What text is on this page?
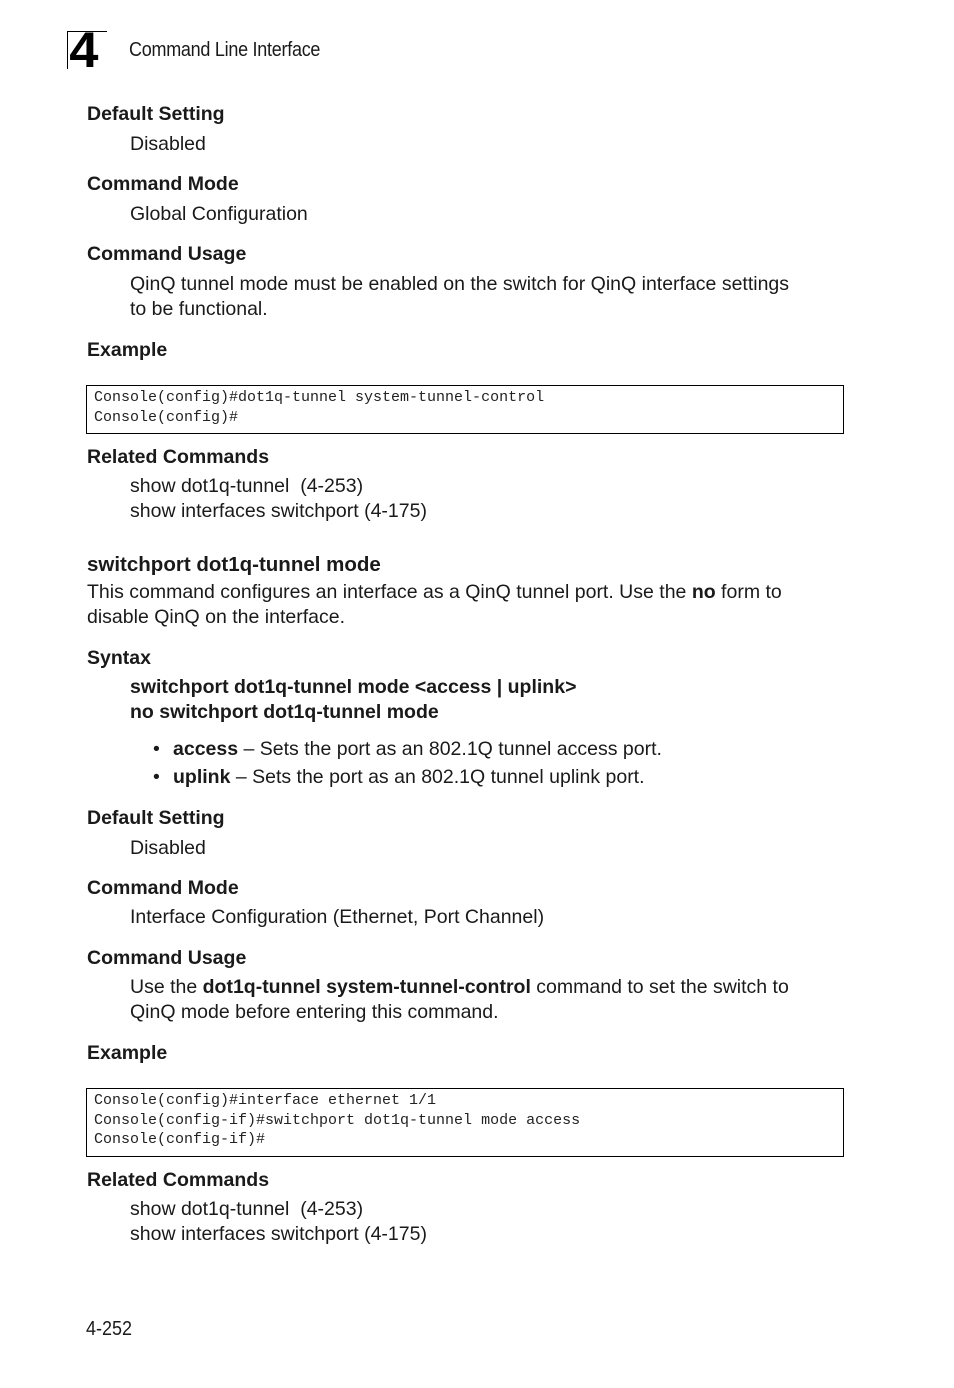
4 Command Line Interface
Default Setting
Disabled
Command Mode
Global Configuration
Command Usage
QinQ tunnel mode must be enabled on the switch for QinQ interface settings
to be functional.
Example
Console(config)#dot1q-tunnel system-tunnel-control
Console(config)#
Related Commands
show dot1q-tunnel  (4-253)
show interfaces switchport (4-175)
switchport dot1q-tunnel mode
This command configures an interface as a QinQ tunnel port. Use the no form to
disable QinQ on the interface.
Syntax
switchport dot1q-tunnel mode <access | uplink>
no switchport dot1q-tunnel mode
• access – Sets the port as an 802.1Q tunnel access port.
• uplink – Sets the port as an 802.1Q tunnel uplink port.
Default Setting
Disabled
Command Mode
Interface Configuration (Ethernet, Port Channel)
Command Usage
Use the dot1q-tunnel system-tunnel-control command to set the switch to
QinQ mode before entering this command.
Example
Console(config)#interface ethernet 1/1
Console(config-if)#switchport dot1q-tunnel mode access
Console(config-if)#
Related Commands
show dot1q-tunnel  (4-253)
show interfaces switchport (4-175)
4-252
